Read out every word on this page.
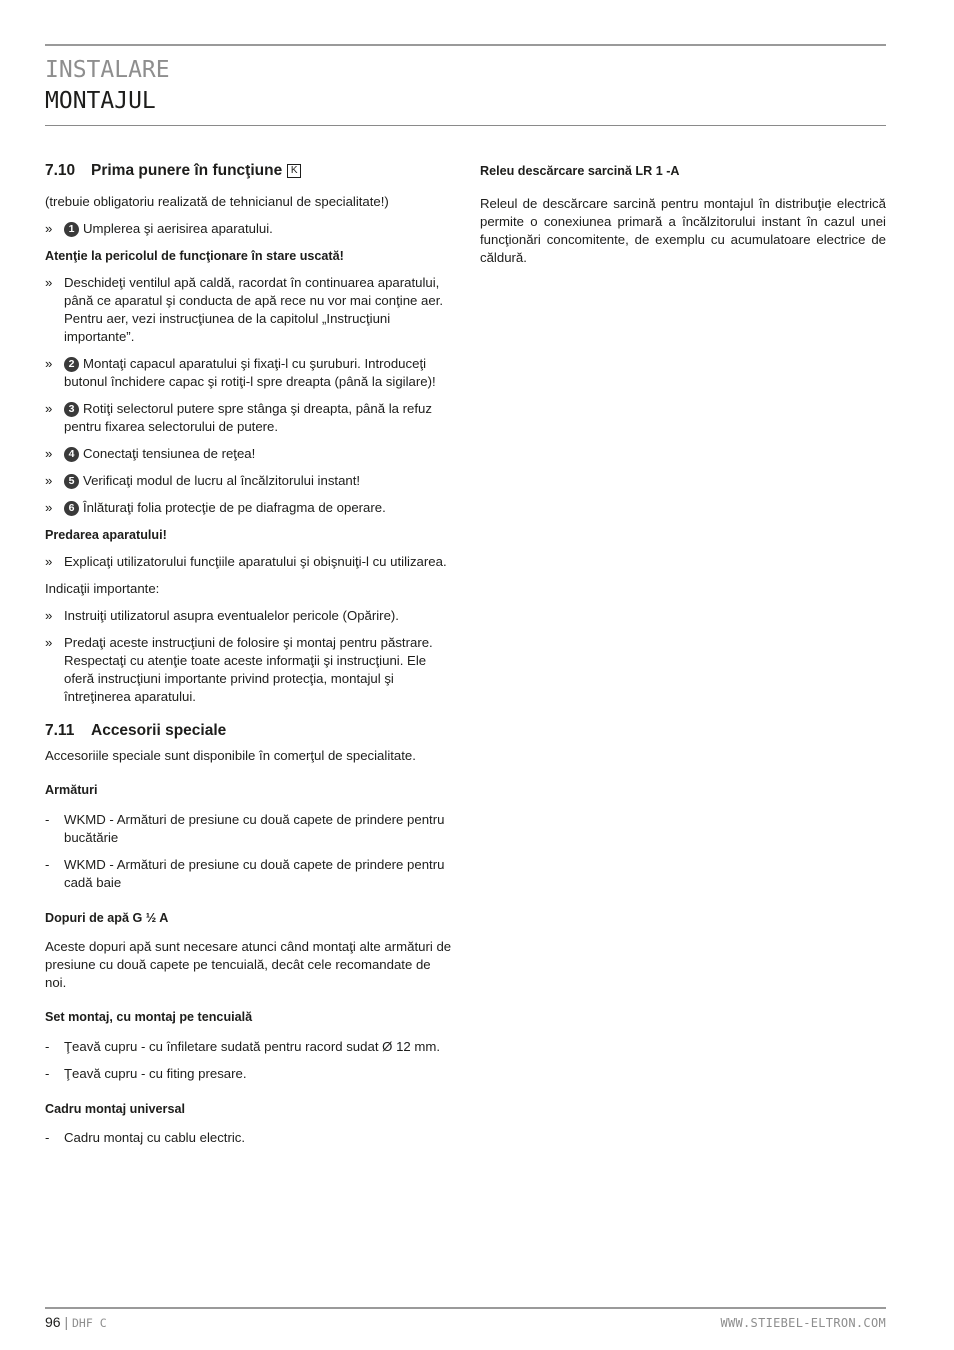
INSTALARE
MONTAJUL
7.10	Prima punere în funcţiune K

(trebuie obligatoriu realizată de tehnicianul de specialitate!)

» 1 Umplerea şi aerisirea aparatului.

Atenţie la pericolul de funcţionare în stare uscată!

» Deschideţi ventilul apă caldă, racordat în continuarea aparatului, până ce aparatul şi conducta de apă rece nu vor mai conţine aer. Pentru aer, vezi instrucţiunea de la capitolul „Instrucţiuni importante”.
» 2 Montaţi capacul aparatului şi fixaţi-l cu şuruburi. Introduceţi butonul închidere capac şi rotiţi-l spre dreapta (până la sigilare)!
» 3 Rotiţi selectorul putere spre stânga şi dreapta, până la refuz pentru fixarea selectorului de putere.
» 4 Conectaţi tensiunea de reţea!
» 5 Verificaţi modul de lucru al încălzitorului instant!
» 6 Înlăturaţi folia protecţie de pe diafragma de operare.

Predarea aparatului!

» Explicaţi utilizatorului funcţiile aparatului şi obişnuiţi-l cu utilizarea.

Indicaţii importante:

» Instruiţi utilizatorul asupra eventualelor pericole (Opărire).
» Predaţi aceste instrucţiuni de folosire şi montaj pentru păstrare. Respectaţi cu atenţie toate aceste informaţii şi instrucţiuni. Ele oferă instrucţiuni importante privind protecţia, montajul şi întreţinerea aparatului.
7.11	Accesorii speciale

Accesoriile speciale sunt disponibile în comerţul de specialitate.

Armături

- WKMD - Armături de presiune cu două capete de prindere pentru bucătărie
- WKMD - Armături de presiune cu două capete de prindere pentru cadă baie

Dopuri de apă G ½ A

Aceste dopuri apă sunt necesare atunci când montaţi alte armături de presiune cu două capete pe tencuială, decât cele recomandate de noi.

Set montaj, cu montaj pe tencuială

- Ţeavă cupru - cu înfiletare sudată pentru racord sudat Ø 12 mm.
- Ţeavă cupru - cu fiting presare.

Cadru montaj universal

- Cadru montaj cu cablu electric.

Releu descărcare sarcină LR 1 -A

Releul de descărcare sarcină pentru montajul în distribuţie electrică permite o conexiunea primară a încălzitorului instant în cazul unei funcţionări concomitente, de exemplu cu acumulatoare electrice de căldură.

96 | DHF C	WWW.STIEBEL-ELTRON.COM
